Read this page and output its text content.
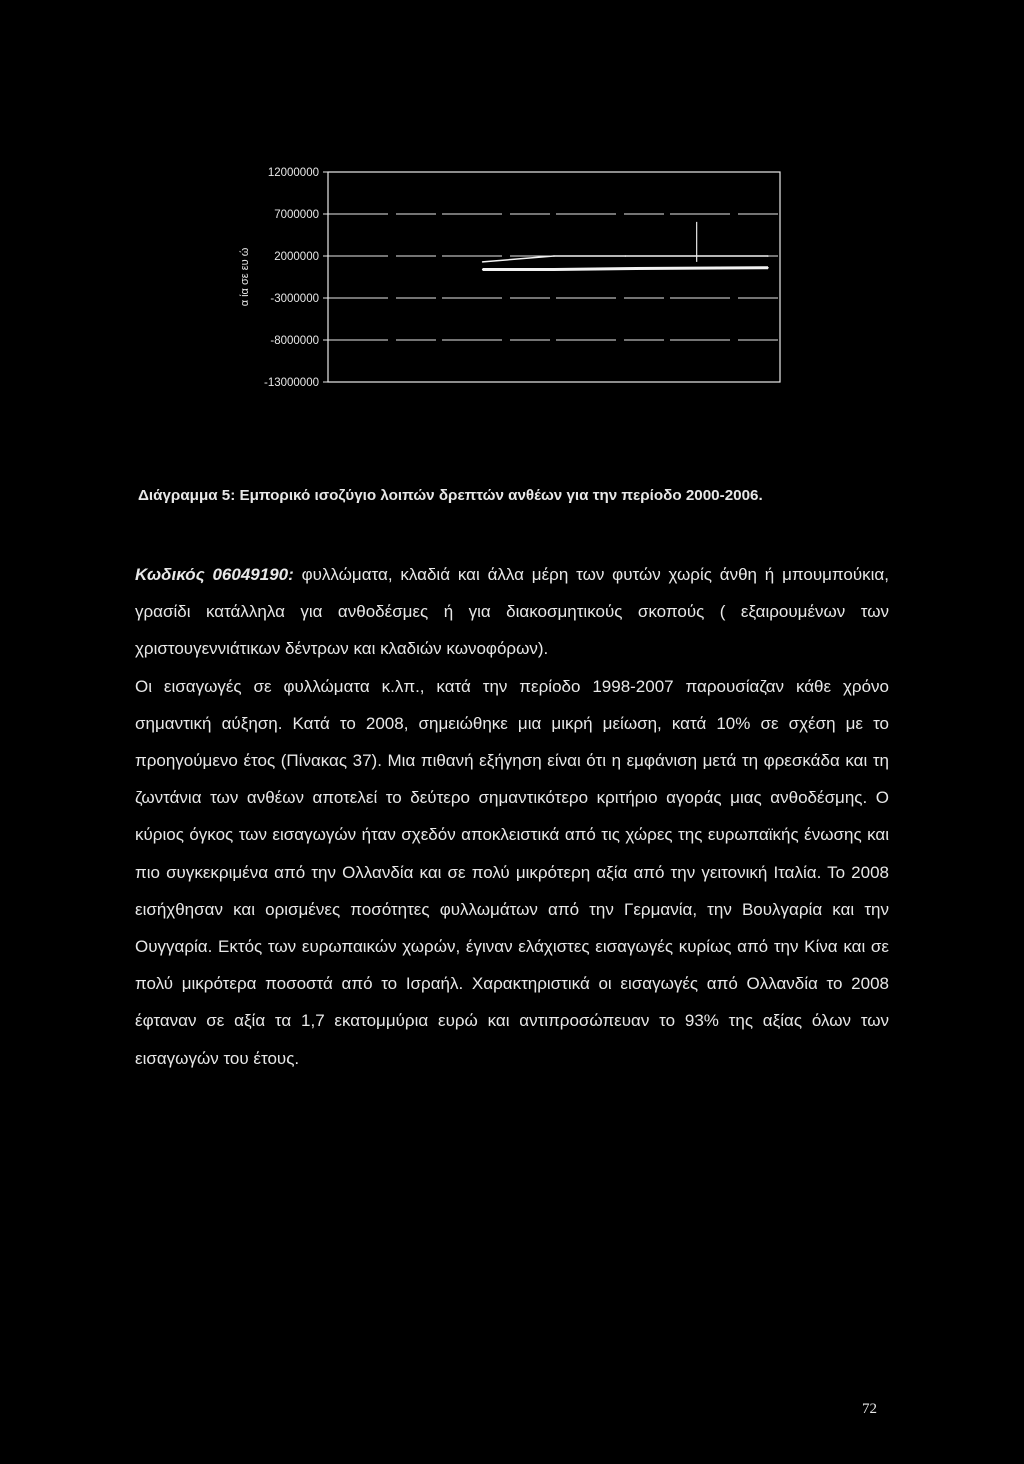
12000000
7000000
2000000
-3000000
-8000000
-13000000
α ία σε ευ ώ
Διάγραμμα 5: Εμπορικό ισοζύγιο λοιπών δρεπτών ανθέων για την περίοδο 2000-2006.

Κωδικός 06049190: φυλλώματα, κλαδιά και άλλα μέρη των φυτών χωρίς άνθη ή μπουμπούκια, γρασίδι κατάλληλα για ανθοδέσμες ή για διακοσμητικούς σκοπούς ( εξαιρουμένων των χριστουγεννιάτικων δέντρων και κλαδιών κωνοφόρων).

Οι εισαγωγές σε φυλλώματα κ.λπ., κατά την περίοδο 1998-2007 παρουσίαζαν κάθε χρόνο σημαντική αύξηση. Κατά το 2008, σημειώθηκε μια μικρή μείωση, κατά 10% σε σχέση με το προηγούμενο έτος (Πίνακας 37). Μια πιθανή εξήγηση είναι ότι η εμφάνιση μετά τη φρεσκάδα και τη ζωντάνια των ανθέων αποτελεί το δεύτερο σημαντικότερο κριτήριο αγοράς μιας ανθοδέσμης. Ο κύριος όγκος των εισαγωγών ήταν σχεδόν αποκλειστικά από τις χώρες της ευρωπαϊκής ένωσης και πιο συγκεκριμένα από την Ολλανδία και σε πολύ μικρότερη αξία από την γειτονική Ιταλία. Το 2008 εισήχθησαν και ορισμένες ποσότητες φυλλωμάτων από την Γερμανία, την Βουλγαρία και την Ουγγαρία. Εκτός των ευρωπαικών χωρών, έγιναν ελάχιστες εισαγωγές κυρίως από την Κίνα και σε πολύ μικρότερα ποσοστά από το Ισραήλ. Χαρακτηριστικά οι εισαγωγές από Ολλανδία το 2008 έφταναν σε αξία τα 1,7 εκατομμύρια ευρώ και αντιπροσώπευαν το 93% της αξίας όλων των εισαγωγών του έτους.

72
